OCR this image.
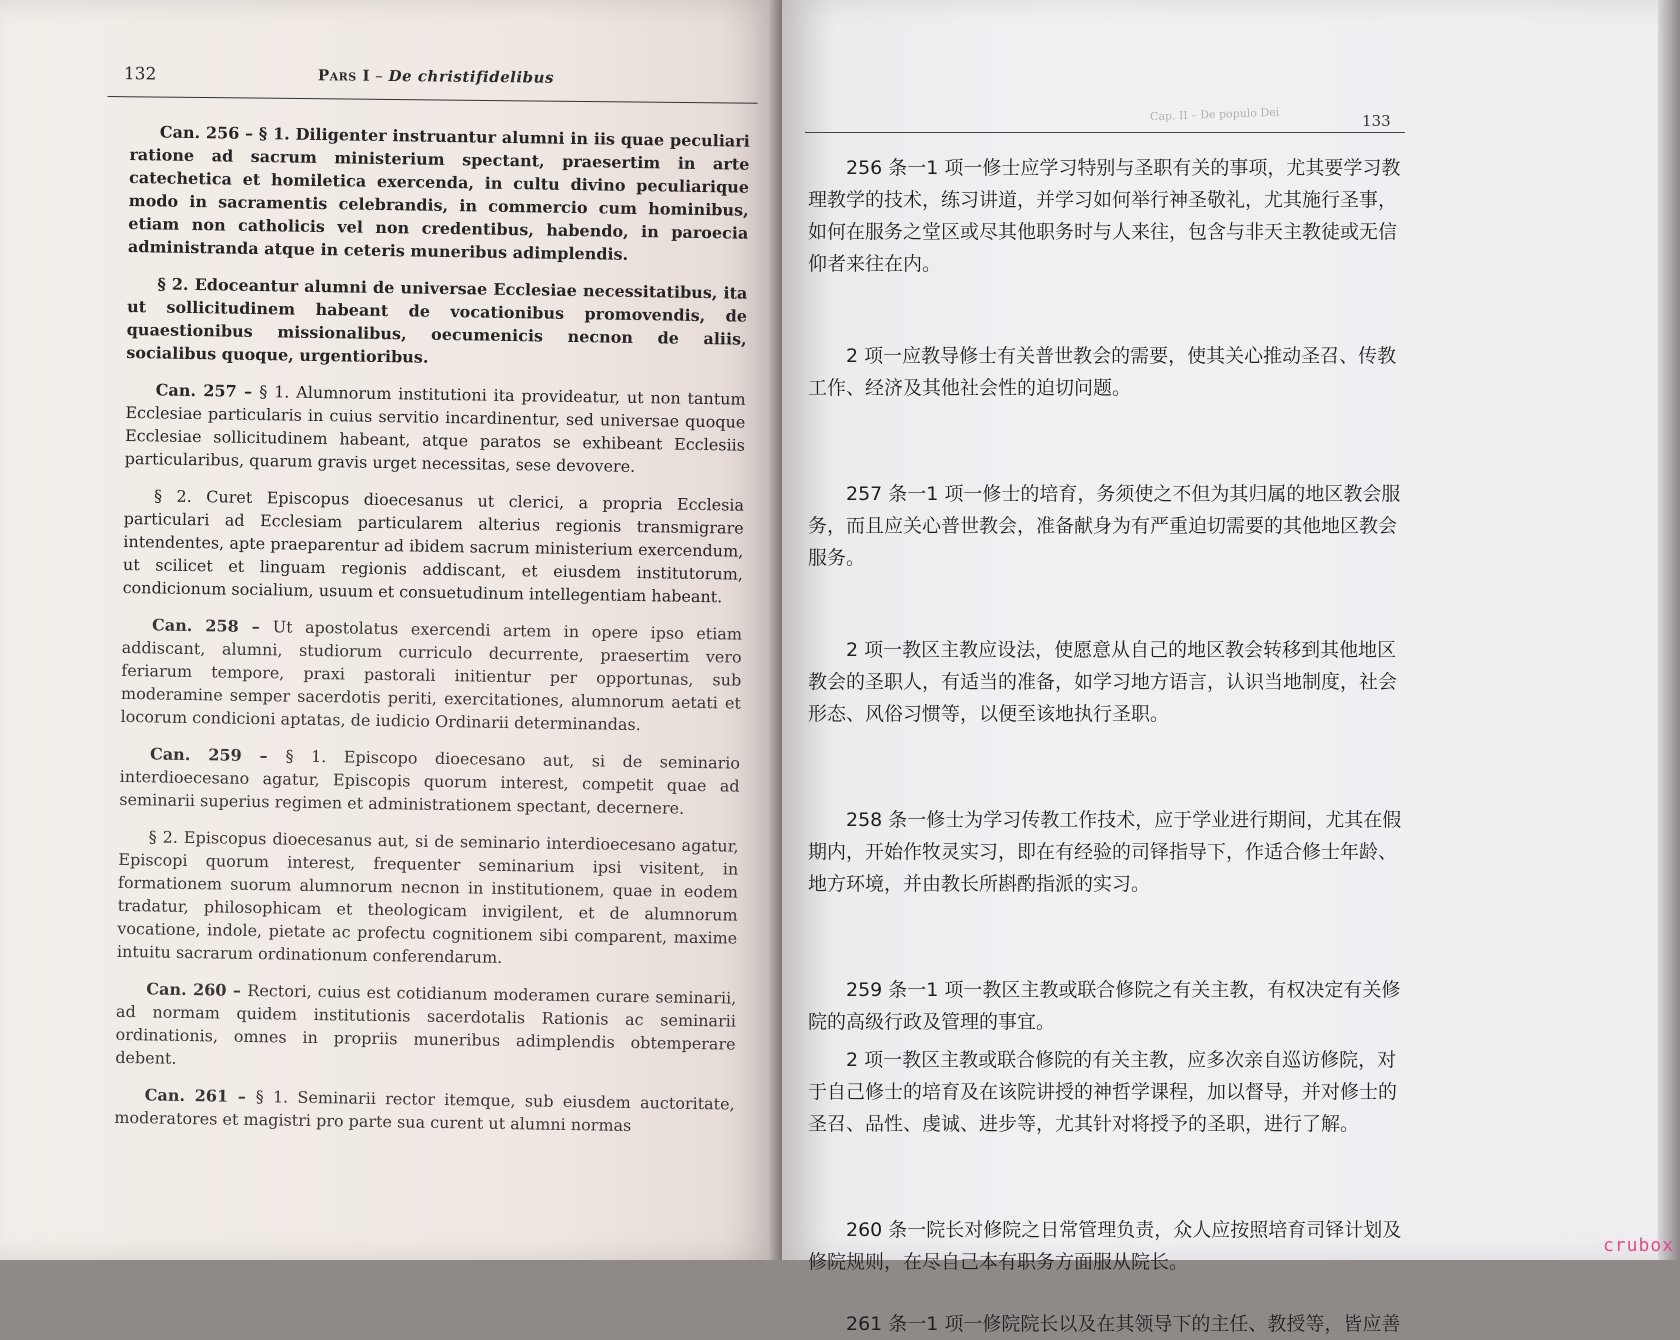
132	Pars I – De christifidelibus

Can. 256 – § 1. Diligenter instruantur alumni in iis quae peculiari ratione ad sacrum ministerium spectant, praesertim in arte catechetica et homiletica exercenda, in cultu divino peculiarique modo in sacramentis celebrandis, in commercio cum hominibus, etiam non catholicis vel non credentibus, habendo, in paroecia administranda atque in ceteris muneribus adimplendis.

§ 2. Edoceantur alumni de universae Ecclesiae necessitatibus, ita ut sollicitudinem habeant de vocationibus promovendis, de quaestionibus missionalibus, oecumenicis necnon de aliis, socialibus quoque, urgentioribus.

Can. 257 – § 1. Alumnorum institutioni ita provideatur, ut non tantum Ecclesiae particularis in cuius servitio incardinentur, sed universae quoque Ecclesiae sollicitudinem habeant, atque paratos se exhibeant Ecclesiis particularibus, quarum gravis urget necessitas, sese devovere.

§ 2. Curet Episcopus dioecesanus ut clerici, a propria Ecclesia particulari ad Ecclesiam particularem alterius regionis transmigrare intendentes, apte praeparentur ad ibidem sacrum ministerium exercendum, ut scilicet et linguam regionis addiscant, et eiusdem institutorum, condicionum socialium, usuum et consuetudinum intellegentiam habeant.

Can. 258 – Ut apostolatus exercendi artem in opere ipso etiam addiscant, alumni, studiorum curriculo decurrente, praesertim vero feriarum tempore, praxi pastorali initientur per opportunas, sub moderamine semper sacerdotis periti, exercitationes, alumnorum aetati et locorum condicioni aptatas, de iudicio Ordinarii determinandas.

Can. 259 – § 1. Episcopo dioecesano aut, si de seminario interdioecesano agatur, Episcopis quorum interest, competit quae ad seminarii superius regimen et administrationem spectant, decernere.

§ 2. Episcopus dioecesanus aut, si de seminario interdioecesano agatur, Episcopi quorum interest, frequenter seminarium ipsi visitent, in formationem suorum alumnorum necnon in institutionem, quae in eodem tradatur, philosophicam et theologicam invigilent, et de alumnorum vocatione, indole, pietate ac profectu cognitionem sibi comparent, maxime intuitu sacrarum ordinationum conferendarum.

Can. 260 – Rectori, cuius est cotidianum moderamen curare seminarii, ad normam quidem institutionis sacerdotalis Rationis ac seminarii ordinationis, omnes in propriis muneribus adimplendis obtemperare debent.

Can. 261 – § 1. Seminarii rector itemque, sub eiusdem auctoritate, moderatores et magistri pro parte sua curent ut alumni normas

Cap. II – De populo Dei	133

256 条一1 项一修士应学习特别与圣职有关的事项，尤其要学习教理教学的技术，练习讲道，并学习如何举行神圣敬礼，尤其施行圣事，如何在服务之堂区或尽其他职务时与人来往，包含与非天主教徒或无信仰者来往在内。

2 项一应教导修士有关普世教会的需要，使其关心推动圣召、传教工作、经济及其他社会性的迫切问题。

257 条一1 项一修士的培育，务须使之不但为其归属的地区教会服务，而且应关心普世教会，准备献身为有严重迫切需要的其他地区教会服务。

2 项一教区主教应设法，使愿意从自己的地区教会转移到其他地区教会的圣职人，有适当的准备，如学习地方语言，认识当地制度，社会形态、风俗习惯等，以便至该地执行圣职。

258 条一修士为学习传教工作技术，应于学业进行期间，尤其在假期内，开始作牧灵实习，即在有经验的司铎指导下，作适合修士年龄、地方环境，并由教长所斟酌指派的实习。

259 条一1 项一教区主教或联合修院之有关主教，有权决定有关修院的高级行政及管理的事宜。

2 项一教区主教或联合修院的有关主教，应多次亲自巡访修院，对于自己修士的培育及在该院讲授的神哲学课程，加以督导，并对修士的圣召、品性、虔诚、进步等，尤其针对将授予的圣职，进行了解。

260 条一院长对修院之日常管理负责，众人应按照培育司铎计划及修院规则，在尽自己本有职务方面服从院长。

261 条一1 项一修院院长以及在其领导下的主任、教授等，皆应善

crubox
